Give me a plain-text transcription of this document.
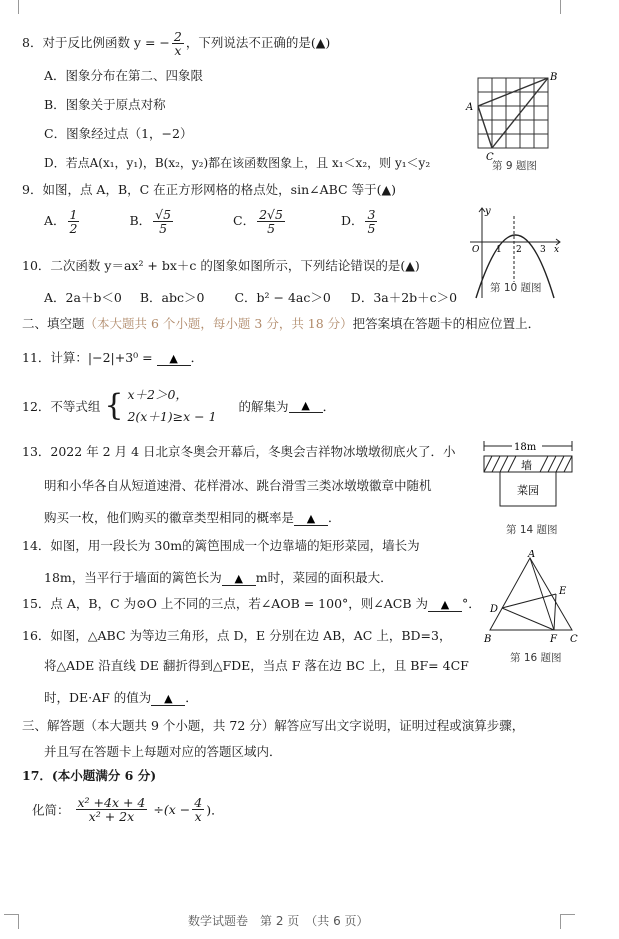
8．对于反比例函数 y = − $\frac{2}{x}$ ，下列说法不正确的是(▲)
A．图象分布在第二、四象限
B．图象关于原点对称
C．图象经过点（1，−2）
D．若点A(x₁，y₁)，B(x₂，y₂)都在该函数图象上，且 x₁＜x₂，则 y₁＜y₂
B
A
C
第 9 题图
9．如图，点 A，B，C 在正方形网格的格点处，sin∠ABC 等于(▲)
A． $\frac{1}{2}$	B． $\frac{√5}{5}$	C． $\frac{2√5}{5}$	D． $\frac{3}{5}$	y
x
O 1 2 3
第 10 题图
10．二次函数 y＝ax² + bx＋c 的图象如图所示，下列结论错误的是(▲)
A．2a＋b＜0 B．abc＞0 C．b² − 4ac＞0 D．3a＋2b＋c＞0
二、填空题（本大题共 6 个小题，每小题 3 分，共 18 分）把答案填在答题卡的相应位置上．
11．计算：|−2|+3⁰ = ▲ ．
12．不等式组 { x＋2＞0，
2(x＋1)≥x − 1
的解集为 ▲ ．
13．2022 年 2 月 4 日北京冬奥会开幕后，冬奥会吉祥物冰墩墩彻底火了．小
明和小华各自从短道速滑、花样滑冰、跳台滑雪三类冰墩墩徽章中随机
购买一枚，他们购买的徽章类型相同的概率是 ▲ ．
18m
墙
菜园
第 14 题图
14．如图，用一段长为 30m的篱笆围成一个边靠墙的矩形菜园，墙长为
18m，当平行于墙面的篱笆长为 ▲ m时，菜园的面积最大．
A
B	C
D
E
F
第 16 题图
15．点 A，B，C 为⊙O 上不同的三点，若∠AOB = 100°，则∠ACB 为 ▲ °．
16．如图，△ABC 为等边三角形，点 D，E 分别在边 AB，AC 上，BD=3，
将△ADE 沿直线 DE 翻折得到△FDE，当点 F 落在边 BC 上，且 BF= 4CF
时，DE·AF 的值为 ▲ ．
三、解答题（本大题共 9 个小题，共 72 分）解答应写出文字说明，证明过程或演算步骤，
并且写在答题卡上每题对应的答题区域内．
17．(本小题满分 6 分)
化简： $\frac{\text{x² +4x + 4}}{\text{x² + 2x}} \div(x - \frac{4}{x}$ )．
数学试题卷　第 2 页　（共 6 页）
